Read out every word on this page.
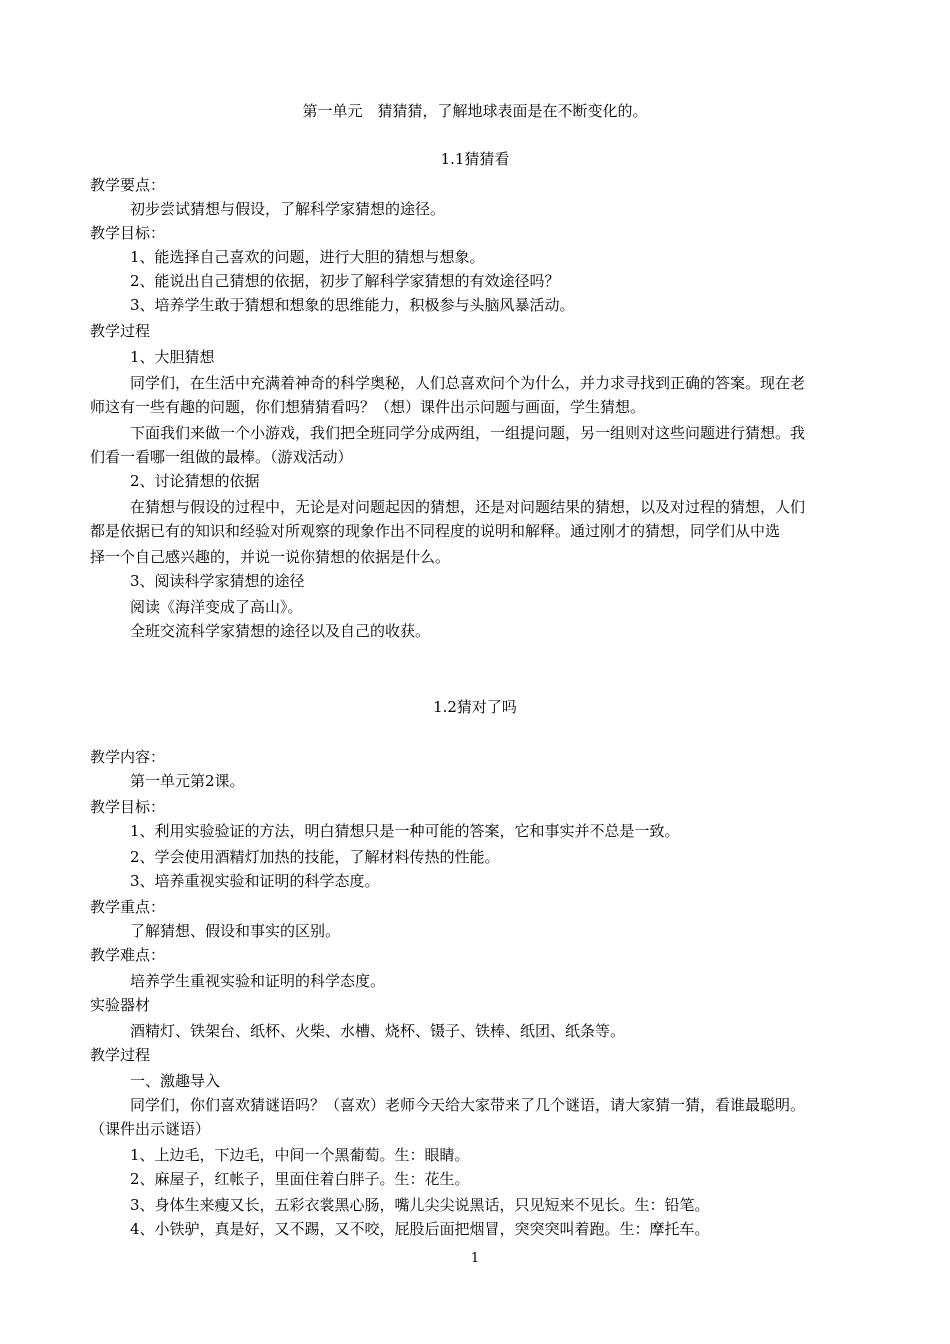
第一单元　猜猜猜，了解地球表面是在不断变化的。
1.1猜猜看
教学要点：
初步尝试猜想与假设，了解科学家猜想的途径。
教学目标：
1、能选择自己喜欢的问题，进行大胆的猜想与想象。
2、能说出自己猜想的依据，初步了解科学家猜想的有效途径吗？
3、培养学生敢于猜想和想象的思维能力，积极参与头脑风暴活动。
教学过程
1、大胆猜想
同学们，在生活中充满着神奇的科学奥秘，人们总喜欢问个为什么，并力求寻找到正确的答案。现在老
师这有一些有趣的问题，你们想猜猜看吗？（想）课件出示问题与画面，学生猜想。
下面我们来做一个小游戏，我们把全班同学分成两组，一组提问题，另一组则对这些问题进行猜想。我
们看一看哪一组做的最棒。（游戏活动）
2、讨论猜想的依据
在猜想与假设的过程中，无论是对问题起因的猜想，还是对问题结果的猜想，以及对过程的猜想，人们
都是依据已有的知识和经验对所观察的现象作出不同程度的说明和解释。通过刚才的猜想，同学们从中选
择一个自己感兴趣的，并说一说你猜想的依据是什么。
3、阅读科学家猜想的途径
阅读《海洋变成了高山》。
全班交流科学家猜想的途径以及自己的收获。
1.2猜对了吗
教学内容：
第一单元第2课。
教学目标：
1、利用实验验证的方法，明白猜想只是一种可能的答案，它和事实并不总是一致。
2、学会使用酒精灯加热的技能，了解材料传热的性能。
3、培养重视实验和证明的科学态度。
教学重点：
了解猜想、假设和事实的区别。
教学难点：
培养学生重视实验和证明的科学态度。
实验器材
酒精灯、铁架台、纸杯、火柴、水槽、烧杯、镊子、铁棒、纸团、纸条等。
教学过程
一、激趣导入
同学们，你们喜欢猜谜语吗？（喜欢）老师今天给大家带来了几个谜语，请大家猜一猜，看谁最聪明。
（课件出示谜语）
1、上边毛，下边毛，中间一个黑葡萄。生：眼睛。
2、麻屋子，红帐子，里面住着白胖子。生：花生。
3、身体生来瘦又长，五彩衣裳黑心肠，嘴儿尖尖说黑话，只见短来不见长。生：铅笔。
4、小铁驴，真是好，又不踢，又不咬，屁股后面把烟冒，突突突叫着跑。生：摩托车。
1
